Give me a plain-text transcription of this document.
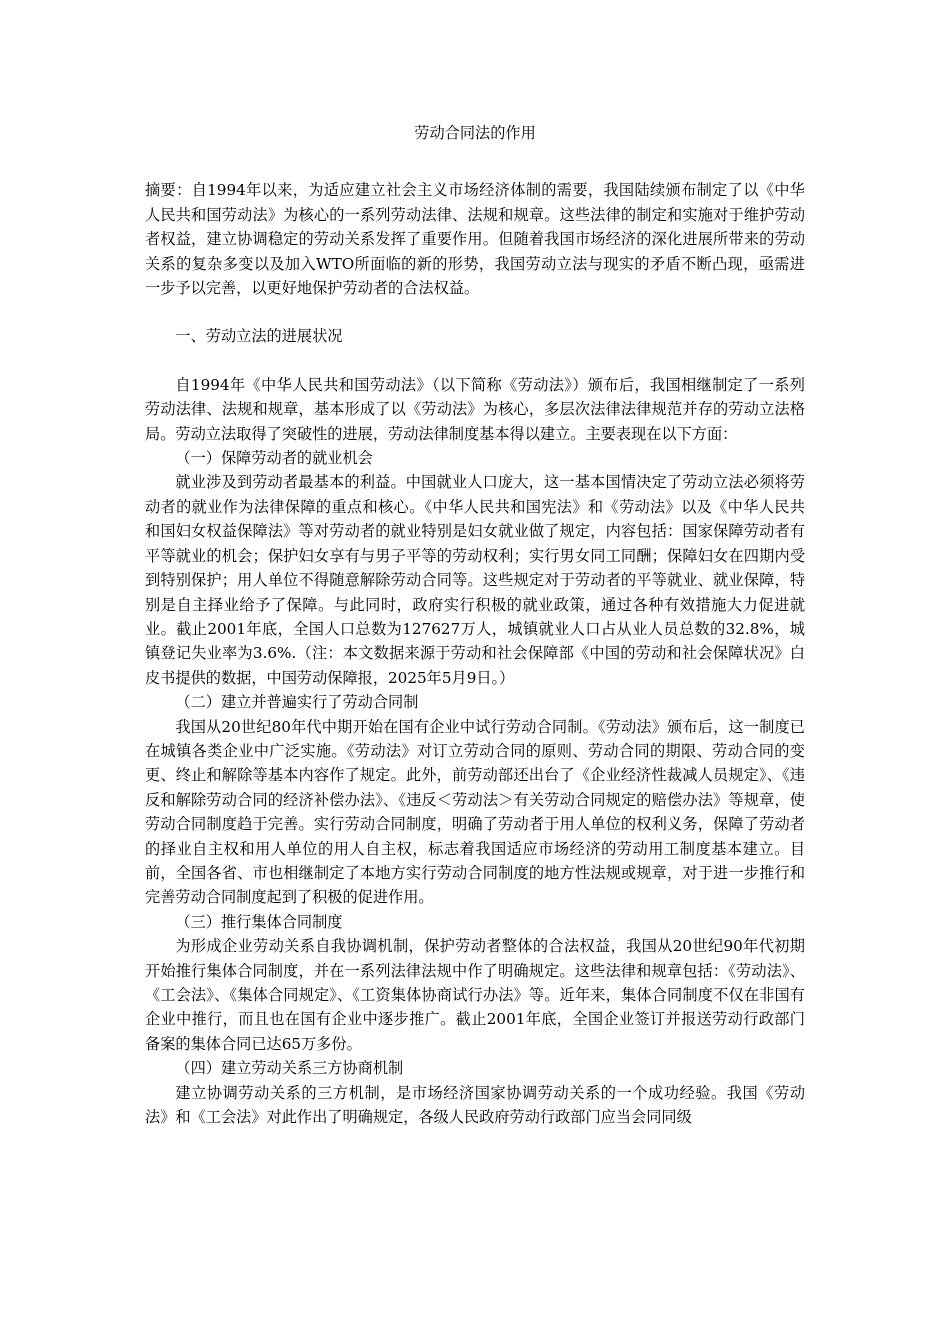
劳动合同法的作用

摘要：自1994年以来，为适应建立社会主义市场经济体制的需要，我国陆续颁布制定了以《中华人民共和国劳动法》为核心的一系列劳动法律、法规和规章。这些法律的制定和实施对于维护劳动者权益，建立协调稳定的劳动关系发挥了重要作用。但随着我国市场经济的深化进展所带来的劳动关系的复杂多变以及加入WTO所面临的新的形势，我国劳动立法与现实的矛盾不断凸现，亟需进一步予以完善，以更好地保护劳动者的合法权益。

一、劳动立法的进展状况

自1994年《中华人民共和国劳动法》（以下简称《劳动法》）颁布后，我国相继制定了一系列劳动法律、法规和规章，基本形成了以《劳动法》为核心，多层次法律法律规范并存的劳动立法格局。劳动立法取得了突破性的进展，劳动法律制度基本得以建立。主要表现在以下方面：

（一）保障劳动者的就业机会

就业涉及到劳动者最基本的利益。中国就业人口庞大，这一基本国情决定了劳动立法必须将劳动者的就业作为法律保障的重点和核心。《中华人民共和国宪法》和《劳动法》以及《中华人民共和国妇女权益保障法》等对劳动者的就业特别是妇女就业做了规定，内容包括：国家保障劳动者有平等就业的机会；保护妇女享有与男子平等的劳动权利；实行男女同工同酬；保障妇女在四期内受到特别保护；用人单位不得随意解除劳动合同等。这些规定对于劳动者的平等就业、就业保障，特别是自主择业给予了保障。与此同时，政府实行积极的就业政策，通过各种有效措施大力促进就业。截止2001年底，全国人口总数为127627万人，城镇就业人口占从业人员总数的32.8%，城镇登记失业率为3.6%.（注：本文数据来源于劳动和社会保障部《中国的劳动和社会保障状况》白皮书提供的数据，中国劳动保障报，2025年5月9日。）

（二）建立并普遍实行了劳动合同制

我国从20世纪80年代中期开始在国有企业中试行劳动合同制。《劳动法》颁布后，这一制度已在城镇各类企业中广泛实施。《劳动法》对订立劳动合同的原则、劳动合同的期限、劳动合同的变更、终止和解除等基本内容作了规定。此外，前劳动部还出台了《企业经济性裁减人员规定》、《违反和解除劳动合同的经济补偿办法》、《违反＜劳动法＞有关劳动合同规定的赔偿办法》等规章，使劳动合同制度趋于完善。实行劳动合同制度，明确了劳动者于用人单位的权利义务，保障了劳动者的择业自主权和用人单位的用人自主权，标志着我国适应市场经济的劳动用工制度基本建立。目前，全国各省、市也相继制定了本地方实行劳动合同制度的地方性法规或规章，对于进一步推行和完善劳动合同制度起到了积极的促进作用。

（三）推行集体合同制度

为形成企业劳动关系自我协调机制，保护劳动者整体的合法权益，我国从20世纪90年代初期开始推行集体合同制度，并在一系列法律法规中作了明确规定。这些法律和规章包括：《劳动法》、《工会法》、《集体合同规定》、《工资集体协商试行办法》等。近年来，集体合同制度不仅在非国有企业中推行，而且也在国有企业中逐步推广。截止2001年底，全国企业签订并报送劳动行政部门备案的集体合同已达65万多份。

（四）建立劳动关系三方协商机制

建立协调劳动关系的三方机制，是市场经济国家协调劳动关系的一个成功经验。我国《劳动法》和《工会法》对此作出了明确规定，各级人民政府劳动行政部门应当会同同级
